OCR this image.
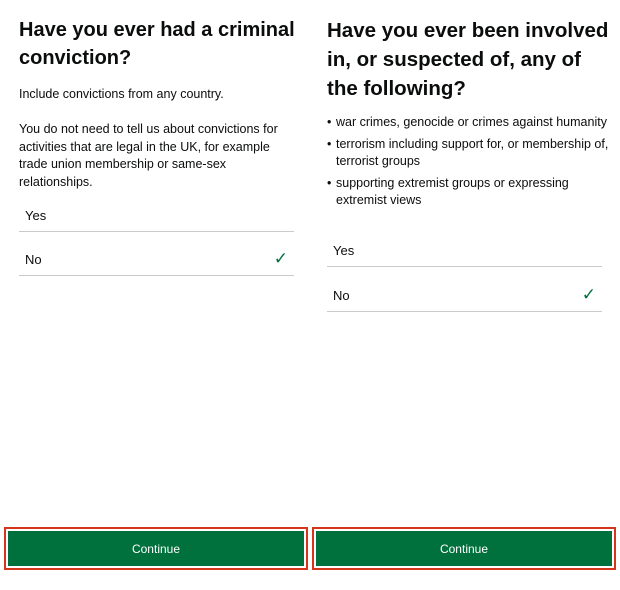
Have you ever had a criminal conviction?

Include convictions from any country.

You do not need to tell us about convictions for activities that are legal in the UK, for example trade union membership or same-sex relationships.

Yes
No	✓
Continue
Have you ever been involved in, or suspected of, any of the following?
• war crimes, genocide or crimes against humanity
• terrorism including support for, or membership of, terrorist groups
• supporting extremist groups or expressing extremist views
Yes
No	✓
Continue
